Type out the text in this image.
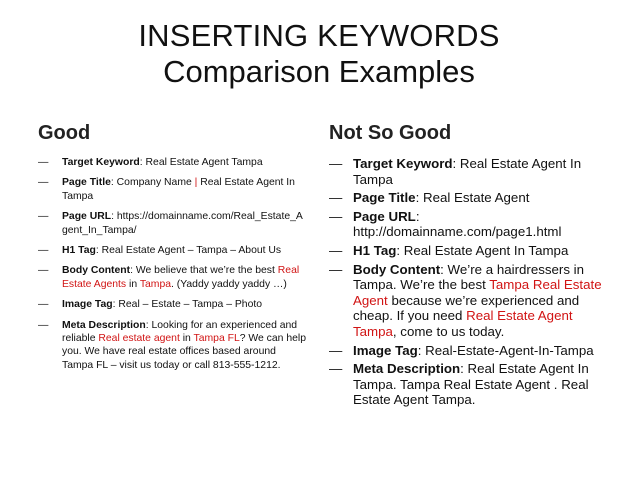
INSERTING KEYWORDS
Comparison Examples
Good	Not So Good
— Target Keyword: Real Estate Agent Tampa
— Page Title: Company Name | Real Estate Agent In Tampa
— Page URL: https://domainname.com/Real_Estate_Agent_In_Tampa/
— H1 Tag: Real Estate Agent – Tampa – About Us
— Body Content: We believe that we’re the best Real Estate Agents in Tampa. (Yaddy yaddy yaddy …)
— Image Tag: Real – Estate – Tampa – Photo
— Meta Description: Looking for an experienced and reliable Real estate agent in Tampa FL? We can help you. We have real estate offices based around Tampa FL – visit us today or call 813-555-1212.
— Target Keyword: Real Estate Agent In Tampa
— Page Title: Real Estate Agent
— Page URL: http://domainname.com/page1.html
— H1 Tag: Real Estate Agent In Tampa
— Body Content: We’re a hairdressers in Tampa. We’re the best Tampa Real Estate Agent because we’re experienced and cheap. If you need Real Estate Agent Tampa, come to us today.
— Image Tag: Real-Estate-Agent-In-Tampa
— Meta Description: Real Estate Agent In Tampa. Tampa Real Estate Agent . Real Estate Agent Tampa.
